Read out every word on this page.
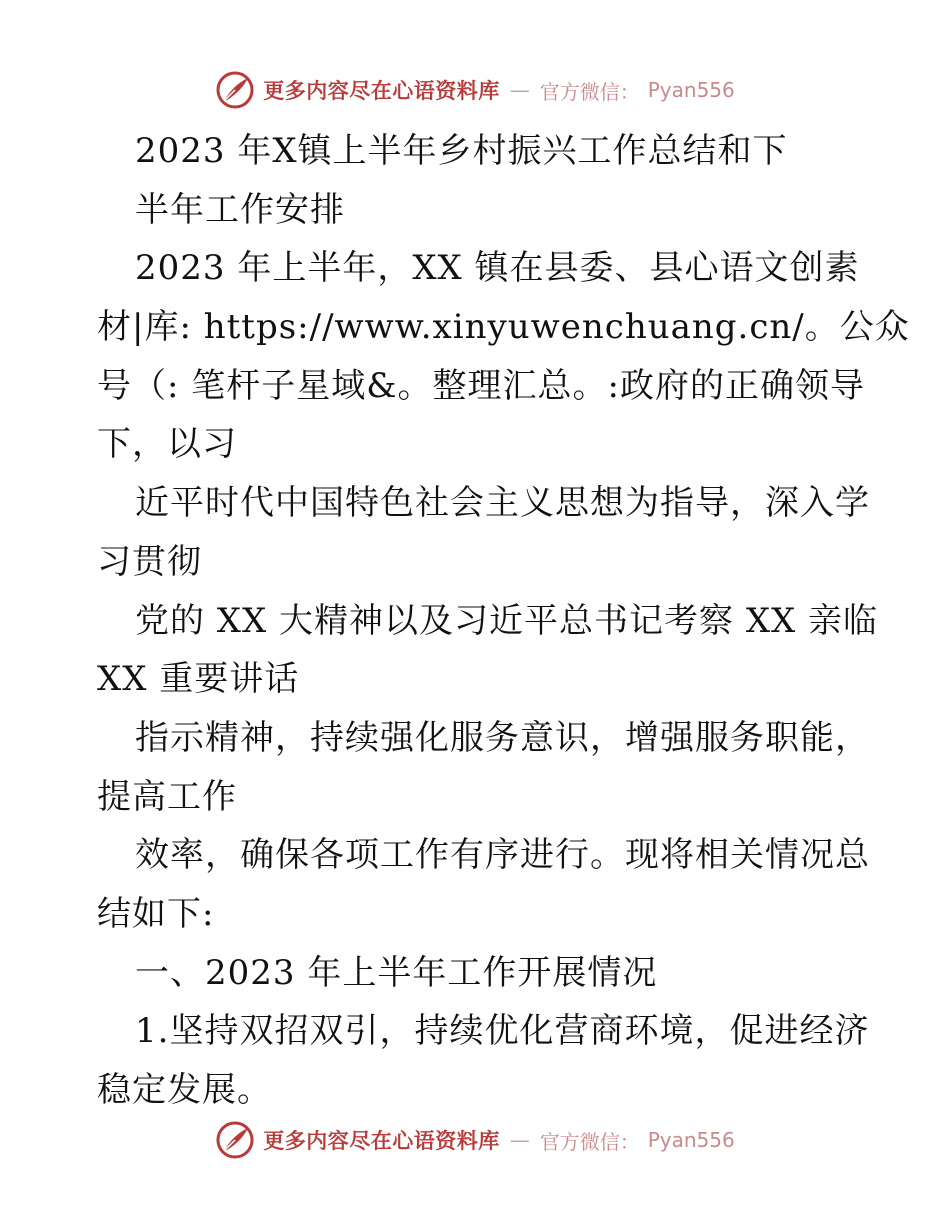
更多内容尽在心语资料库 — 官方微信： Pyan556
2023 年X镇上半年乡村振兴工作总结和下
半年工作安排
2023 年上半年，XX 镇在县委、县心语文创素
材|库: https://www.xinyuwenchuang.cn/。公众
号（: 笔杆子星域&。整理汇总。:政府的正确领导
下，以习
近平时代中国特色社会主义思想为指导，深入学
习贯彻
党的 XX 大精神以及习近平总书记考察 XX 亲临
XX 重要讲话
指示精神，持续强化服务意识，增强服务职能，
提高工作
效率，确保各项工作有序进行。现将相关情况总
结如下:
一、2023 年上半年工作开展情况
1.坚持双招双引，持续优化营商环境，促进经济
稳定发展。
更多内容尽在心语资料库 — 官方微信： Pyan556
